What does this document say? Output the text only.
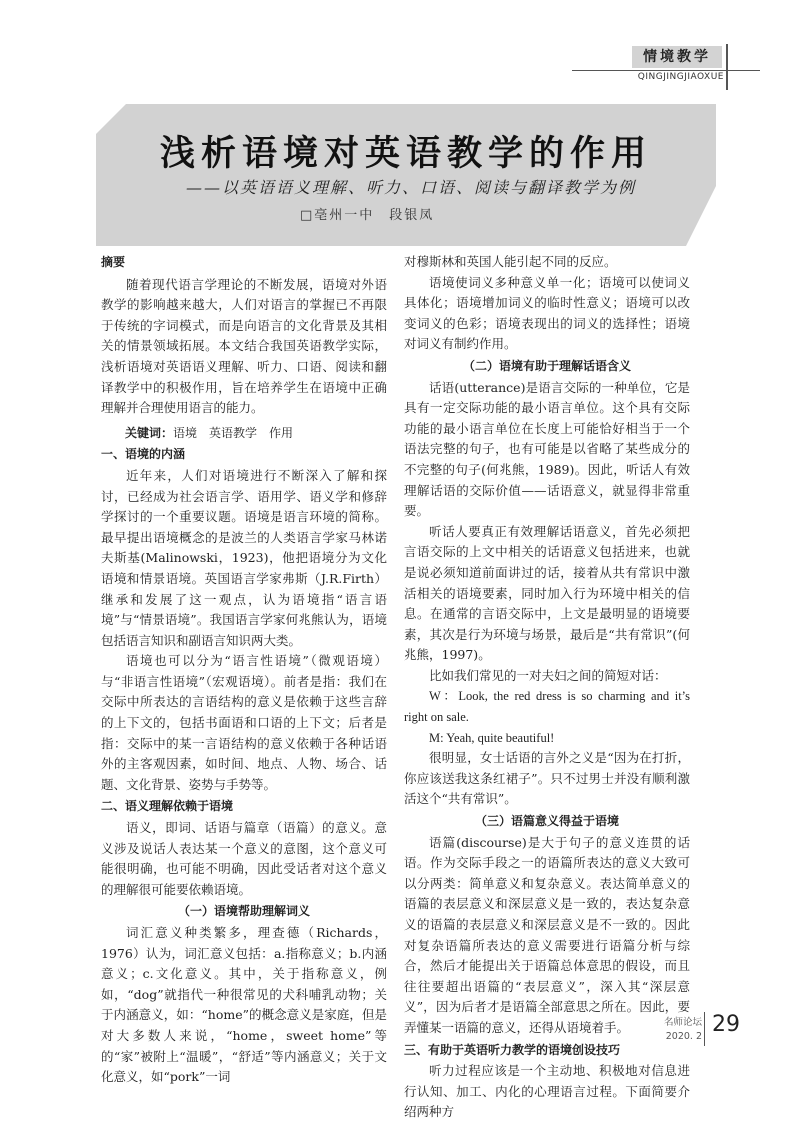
情境教学
QINGJINGJIAOXUE
浅析语境对英语教学的作用
——以英语语义理解、听力、口语、阅读与翻译教学为例
□亳州一中　段银凤
摘要

随着现代语言学理论的不断发展，语境对外语教学的影响越来越大，人们对语言的掌握已不再限于传统的字词模式，而是向语言的文化背景及其相关的情景领域拓展。本文结合我国英语教学实际，浅析语境对英语语义理解、听力、口语、阅读和翻译教学中的积极作用，旨在培养学生在语境中正确理解并合理使用语言的能力。

关键词：语境　英语教学　作用

一、语境的内涵

近年来，人们对语境进行不断深入了解和探讨，已经成为社会语言学、语用学、语义学和修辞学探讨的一个重要议题。语境是语言环境的简称。最早提出语境概念的是波兰的人类语言学家马林诺夫斯基(Malinowski，1923)，他把语境分为文化语境和情景语境。英国语言学家弗斯（J.R.Firth）继承和发展了这一观点，认为语境指“语言语境”与“情景语境”。我国语言学家何兆熊认为，语境包括语言知识和副语言知识两大类。

语境也可以分为“语言性语境”（微观语境）与“非语言性语境”（宏观语境）。前者是指：我们在交际中所表达的言语结构的意义是依赖于这些言辞的上下文的，包括书面语和口语的上下文；后者是指：交际中的某一言语结构的意义依赖于各种话语外的主客观因素，如时间、地点、人物、场合、话题、文化背景、姿势与手势等。

二、语义理解依赖于语境

语义，即词、话语与篇章（语篇）的意义。意义涉及说话人表达某一个意义的意图，这个意义可能很明确，也可能不明确，因此受话者对这个意义的理解很可能要依赖语境。

（一）语境帮助理解词义

词汇意义种类繁多，理查德（Richards，1976）认为，词汇意义包括：a.指称意义；b.内涵意义；c.文化意义。其中，关于指称意义，例如，“dog”就指代一种很常见的犬科哺乳动物；关于内涵意义，如：“home”的概念意义是家庭，但是对大多数人来说，“home，sweet home”等的“家”被附上“温暖”，“舒适”等内涵意义；关于文化意义，如“pork”一词

对穆斯林和英国人能引起不同的反应。

语境使词义多种意义单一化；语境可以使词义具体化；语境增加词义的临时性意义；语境可以改变词义的色彩；语境表现出的词义的选择性；语境对词义有制约作用。

（二）语境有助于理解话语含义

话语(utterance)是语言交际的一种单位，它是具有一定交际功能的最小语言单位。这个具有交际功能的最小语言单位在长度上可能恰好相当于一个语法完整的句子，也有可能是以省略了某些成分的不完整的句子(何兆熊，1989)。因此，听话人有效理解话语的交际价值——话语意义，就显得非常重要。

听话人要真正有效理解话语意义，首先必须把言语交际的上文中相关的话语意义包括进来，也就是说必须知道前面讲过的话，接着从共有常识中激活相关的语境要素，同时加入行为环境中相关的信息。在通常的言语交际中，上文是最明显的语境要素，其次是行为环境与场景，最后是“共有常识”(何兆熊，1997)。

比如我们常见的一对夫妇之间的简短对话：

W：Look, the red dress is so charming and it’s right on sale.

M: Yeah, quite beautiful!

很明显，女士话语的言外之义是“因为在打折，你应该送我这条红裙子”。只不过男士并没有顺利激活这个“共有常识”。

（三）语篇意义得益于语境

语篇(discourse)是大于句子的意义连贯的话语。作为交际手段之一的语篇所表达的意义大致可以分两类：简单意义和复杂意义。表达简单意义的语篇的表层意义和深层意义是一致的，表达复杂意义的语篇的表层意义和深层意义是不一致的。因此对复杂语篇所表达的意义需要进行语篇分析与综合，然后才能提出关于语篇总体意思的假设，而且往往要超出语篇的“表层意义”，深入其“深层意义”，因为后者才是语篇全部意思之所在。因此，要弄懂某一语篇的意义，还得从语境着手。

三、有助于英语听力教学的语境创设技巧

听力过程应该是一个主动地、积极地对信息进行认知、加工、内化的心理语言过程。下面简要介绍两种方

名师论坛
2020. 2 29
